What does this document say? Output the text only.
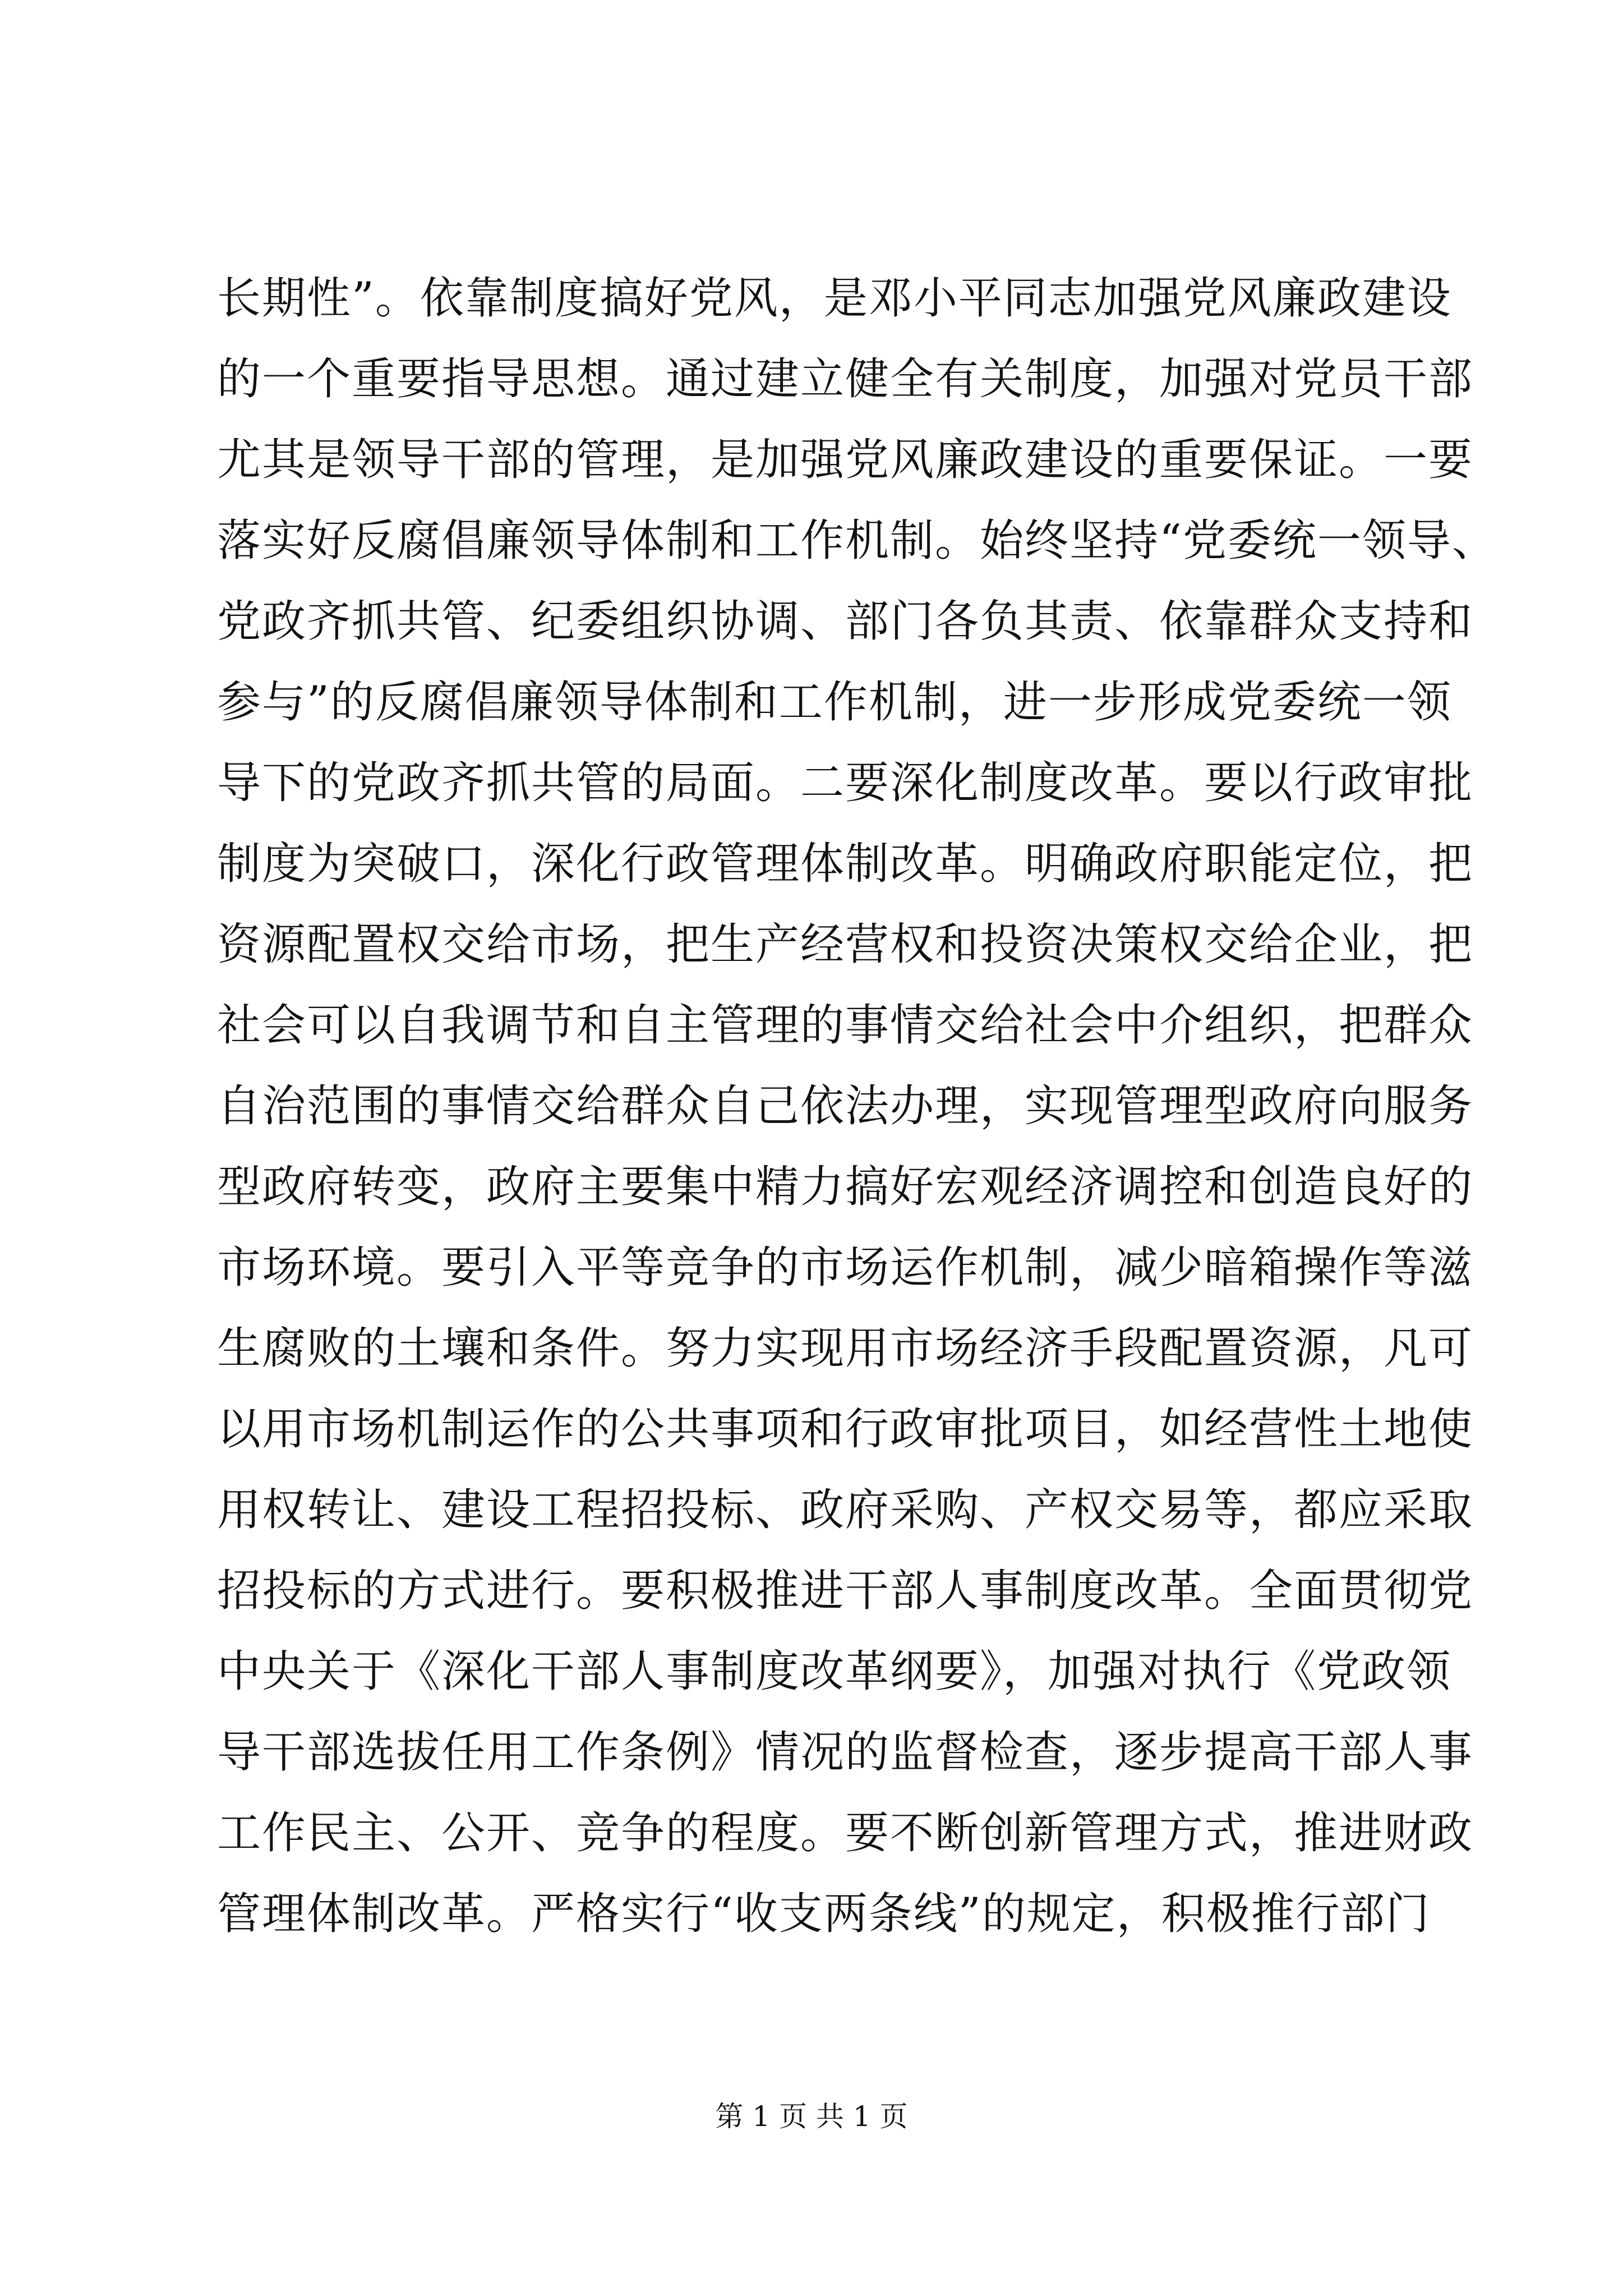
长期性”。依靠制度搞好党风，是邓小平同志加强党风廉政建设
的一个重要指导思想。通过建立健全有关制度，加强对党员干部
尤其是领导干部的管理，是加强党风廉政建设的重要保证。一要
落实好反腐倡廉领导体制和工作机制。始终坚持“党委统一领导、
党政齐抓共管、纪委组织协调、部门各负其责、依靠群众支持和
参与”的反腐倡廉领导体制和工作机制，进一步形成党委统一领
导下的党政齐抓共管的局面。二要深化制度改革。要以行政审批
制度为突破口，深化行政管理体制改革。明确政府职能定位，把
资源配置权交给市场，把生产经营权和投资决策权交给企业，把
社会可以自我调节和自主管理的事情交给社会中介组织，把群众
自治范围的事情交给群众自己依法办理，实现管理型政府向服务
型政府转变，政府主要集中精力搞好宏观经济调控和创造良好的
市场环境。要引入平等竞争的市场运作机制，减少暗箱操作等滋
生腐败的土壤和条件。努力实现用市场经济手段配置资源，凡可
以用市场机制运作的公共事项和行政审批项目，如经营性土地使
用权转让、建设工程招投标、政府采购、产权交易等，都应采取
招投标的方式进行。要积极推进干部人事制度改革。全面贯彻党
中央关于《深化干部人事制度改革纲要》，加强对执行《党政领
导干部选拔任用工作条例》情况的监督检查，逐步提高干部人事
工作民主、公开、竞争的程度。要不断创新管理方式，推进财政
管理体制改革。严格实行“收支两条线”的规定，积极推行部门
第 1 页 共 1 页
